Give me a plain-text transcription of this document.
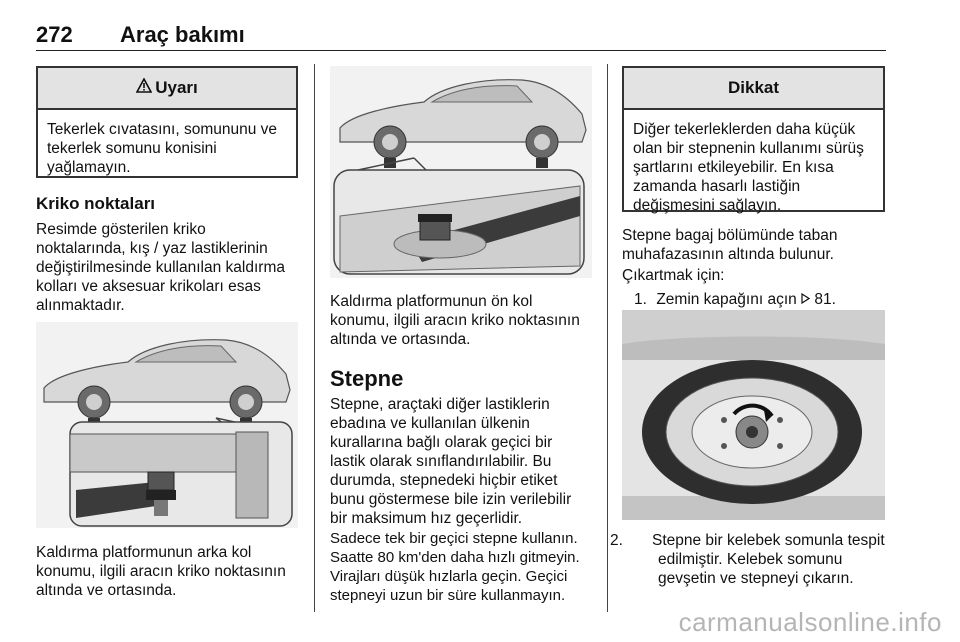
272 Araç bakımı
Uyarı
Tekerlek cıvatasını, somununu ve
tekerlek somunu konisini
yağlamayın.
Kriko noktaları
Resimde gösterilen kriko
noktalarında, kış / yaz lastiklerinin
değiştirilmesinde kullanılan kaldırma
kolları ve aksesuar krikoları esas
alınmaktadır.
Kaldırma platformunun arka kol
konumu, ilgili aracın kriko noktasının
altında ve ortasında.
Kaldırma platformunun ön kol
konumu, ilgili aracın kriko noktasının
altında ve ortasında.
Stepne
Stepne, araçtaki diğer lastiklerin
ebadına ve kullanılan ülkenin
kurallarına bağlı olarak geçici bir
lastik olarak sınıflandırılabilir. Bu
durumda, stepnedeki hiçbir etiket
bunu göstermese bile izin verilebilir
bir maksimum hız geçerlidir.
Sadece tek bir geçici stepne kullanın.
Saatte 80 km'den daha hızlı gitmeyin.
Virajları düşük hızlarla geçin. Geçici
stepneyi uzun bir süre kullanmayın.
Dikkat
Diğer tekerleklerden daha küçük
olan bir stepnenin kullanımı sürüş
şartlarını etkileyebilir. En kısa
zamanda hasarlı lastiğin
değişmesini sağlayın.
Stepne bagaj bölümünde taban
muhafazasının altında bulunur.
Çıkartmak için:
1. Zemin kapağını açın 81.
2. Stepne bir kelebek somunla tespit
edilmiştir. Kelebek somunu
gevşetin ve stepneyi çıkarın.
carmanualsonline.info
